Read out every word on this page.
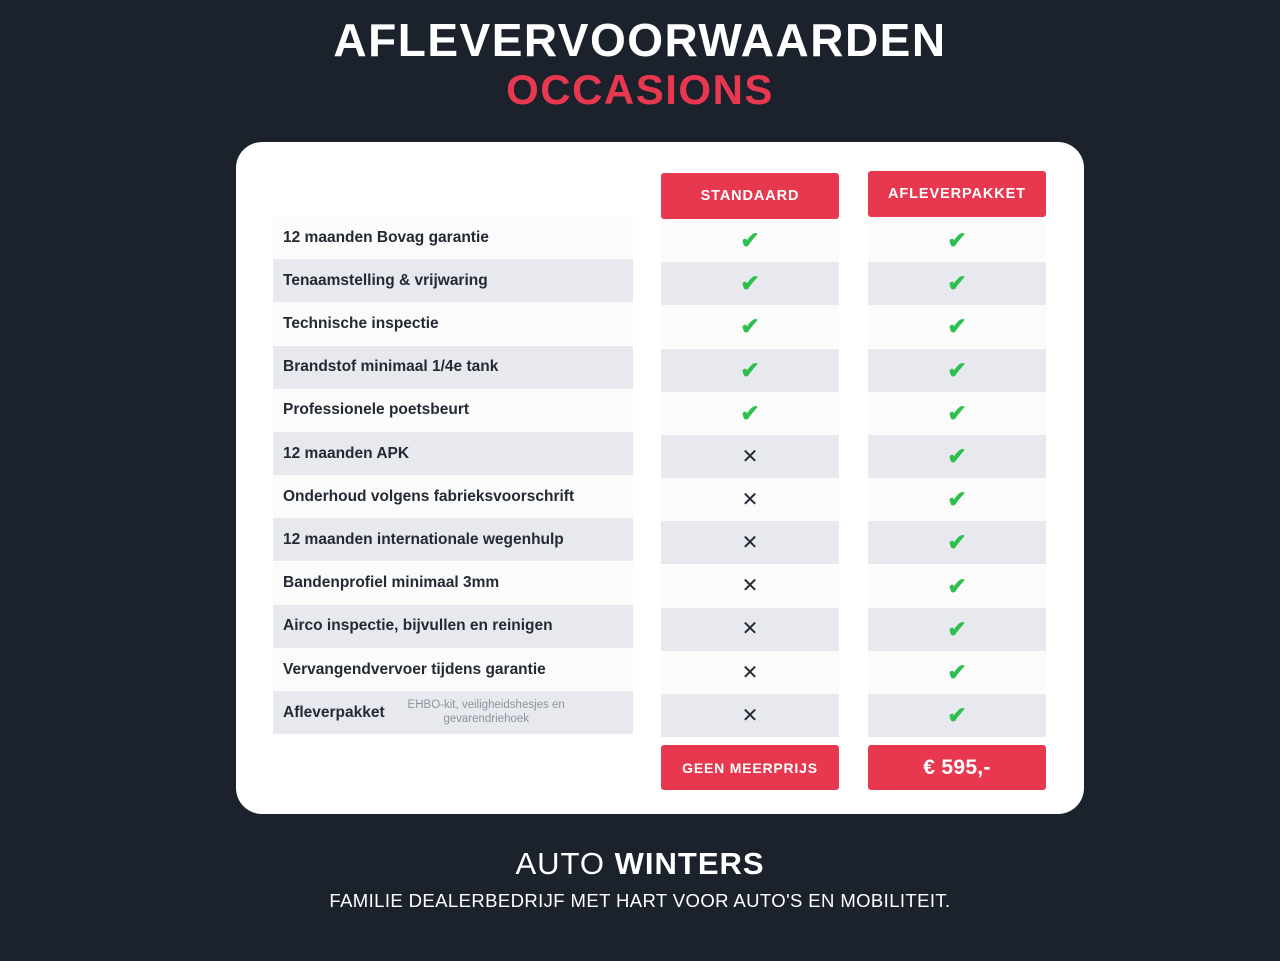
AFLEVERVOORWAARDEN
OCCASIONS
STANDAARD	AFLEVERPAKKET
12 maanden Bovag garantie	✔	✔
Tenaamstelling & vrijwaring	✔	✔
Technische inspectie	✔	✔
Brandstof minimaal 1/4e tank	✔	✔
Professionele poetsbeurt	✔	✔
12 maanden APK	✕	✔
Onderhoud volgens fabrieksvoorschrift	✕	✔
12 maanden internationale wegenhulp	✕	✔
Bandenprofiel minimaal 3mm	✕	✔
Airco inspectie, bijvullen en reinigen	✕	✔
Vervangendvervoer tijdens garantie	✕	✔
Afleverpakket	EHBO-kit, veiligheidshesjes en gevarendriehoek	✕	✔
GEEN MEERPRIJS	€ 595,-
AUTO WINTERS
FAMILIE DEALERBEDRIJF MET HART VOOR AUTO'S EN MOBILITEIT.
